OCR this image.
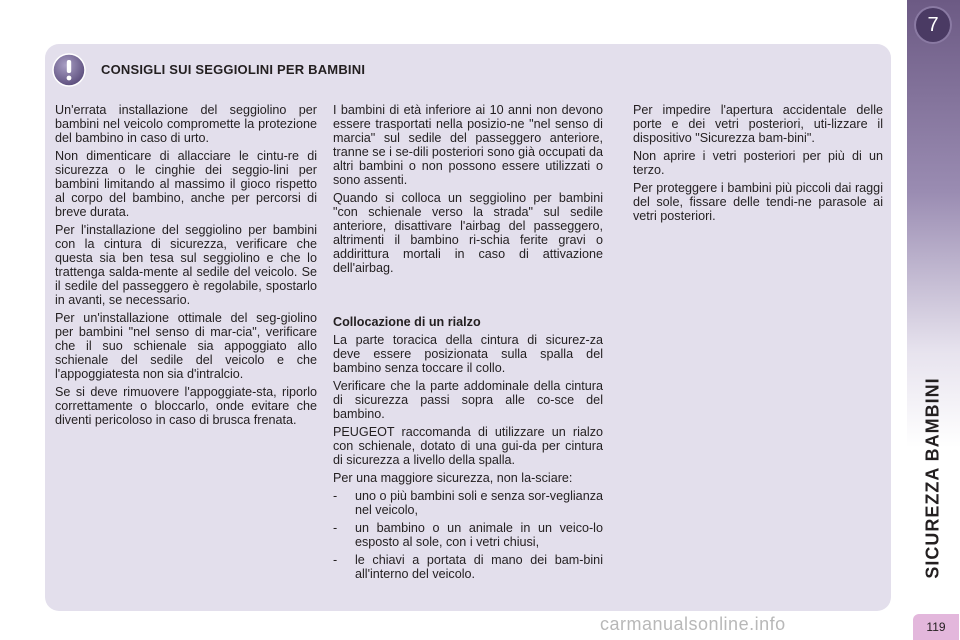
7
SICUREZZA BAMBINI
119
CONSIGLI SUI SEGGIOLINI PER BAMBINI

Un'errata installazione del seggiolino per bambini nel veicolo compromette la protezione del bambino in caso di urto.

Non dimenticare di allacciare le cintu-re di sicurezza o le cinghie dei seggio-lini per bambini limitando al massimo il gioco rispetto al corpo del bambino, anche per percorsi di breve durata.

Per l'installazione del seggiolino per bambini con la cintura di sicurezza, verificare che questa sia ben tesa sul seggiolino e che lo trattenga salda-mente al sedile del veicolo. Se il sedile del passeggero è regolabile, spostarlo in avanti, se necessario.

Per un'installazione ottimale del seg-giolino per bambini "nel senso di mar-cia", verificare che il suo schienale sia appoggiato allo schienale del sedile del veicolo e che l'appoggiatesta non sia d'intralcio.

Se si deve rimuovere l'appoggiate-sta, riporlo correttamente o bloccarlo, onde evitare che diventi pericoloso in caso di brusca frenata.

I bambini di età inferiore ai 10 anni non devono essere trasportati nella posizio-ne "nel senso di marcia" sul sedile del passeggero anteriore, tranne se i se-dili posteriori sono già occupati da altri bambini o non possono essere utilizzati o sono assenti.

Quando si colloca un seggiolino per bambini "con schienale verso la strada" sul sedile anteriore, disattivare l'airbag del passeggero, altrimenti il bambino ri-schia ferite gravi o addirittura mortali in caso di attivazione dell'airbag.

Collocazione di un rialzo

La parte toracica della cintura di sicurez-za deve essere posizionata sulla spalla del bambino senza toccare il collo.

Verificare che la parte addominale della cintura di sicurezza passi sopra alle co-sce del bambino.

PEUGEOT raccomanda di utilizzare un rialzo con schienale, dotato di una gui-da per cintura di sicurezza a livello della spalla.

Per una maggiore sicurezza, non la-sciare:

-	uno o più bambini soli e senza sor-veglianza nel veicolo,
-	un bambino o un animale in un veico-lo esposto al sole, con i vetri chiusi,
-	le chiavi a portata di mano dei bam-bini all'interno del veicolo.

Per impedire l'apertura accidentale delle porte e dei vetri posteriori, uti-lizzare il dispositivo "Sicurezza bam-bini".

Non aprire i vetri posteriori per più di un terzo.

Per proteggere i bambini più piccoli dai raggi del sole, fissare delle tendi-ne parasole ai vetri posteriori.

carmanualsonline.info
